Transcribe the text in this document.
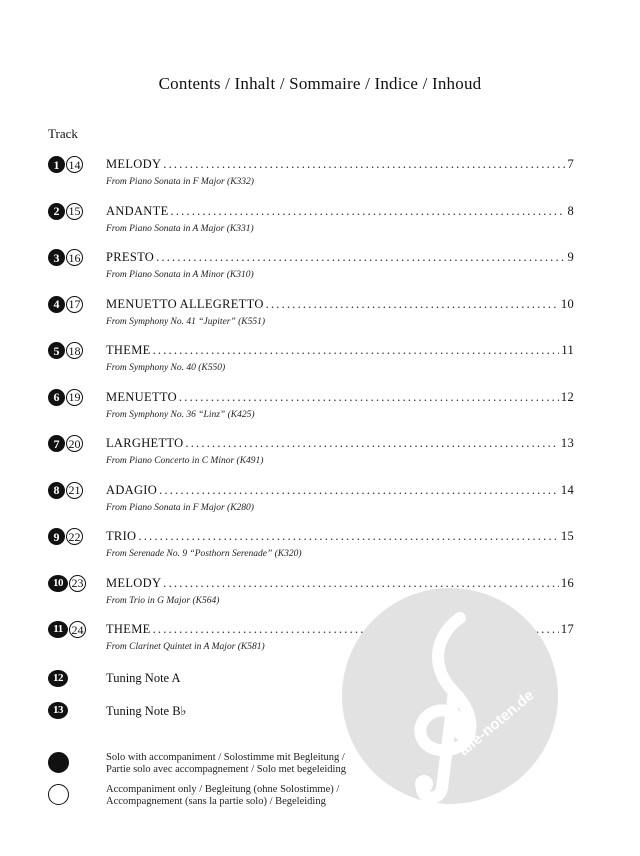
Contents / Inhalt / Sommaire / Indice / Inhoud
Track
1 14 MELODY .....	7
From Piano Sonata in F Major (K332)
2 15 ANDANTE .....	8
From Piano Sonata in A Major (K331)
3 16 PRESTO .....	9
From Piano Sonata in A Minor (K310)
4 17 MENUETTO ALLEGRETTO .....	10
From Symphony No. 41 “Jupiter” (K551)
5 18 THEME .....	11
From Symphony No. 40 (K550)
6 19 MENUETTO .....	12
From Symphony No. 36 “Linz” (K425)
7 20 LARGHETTO .....	13
From Piano Concerto in C Minor (K491)
8 21 ADAGIO .....	14
From Piano Sonata in F Major (K280)
9 22 TRIO .....	15
From Serenade No. 9 “Posthorn Serenade” (K320)
10 23 MELODY .....	16
From Trio in G Major (K564)
11 24 THEME .....	17
From Clarinet Quintet in A Major (K581)
12	Tuning Note A
13	Tuning Note B♭
Solo with accompaniment / Solostimme mit Begleitung /
Partie solo avec accompagnement / Solo met begeleiding
Accompaniment only / Begleitung (ohne Solostimme) /
Accompagnement (sans la partie solo) / Begeleiding
alle-noten.de
